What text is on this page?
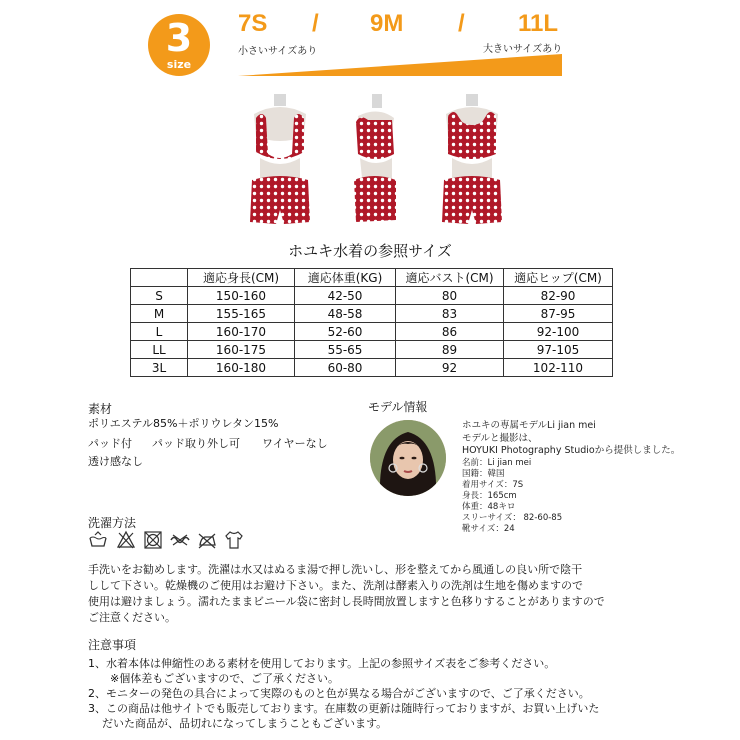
3
size
7S / 9M / 11L
小さいサイズあり	大きいサイズあり
ホユキ水着の参照サイズ
	適応身長(CM)	適応体重(KG)	適応バスト(CM)	適応ヒップ(CM)
S	150-160	42-50	80	82-90
M	155-165	48-58	83	87-95
L	160-170	52-60	86	92-100
LL	160-175	55-65	89	97-105
3L	160-180	60-80	92	102-110
素材
ポリエステル85%＋ポリウレタン15%
パッド付 パッド取り外し可 ワイヤーなし
透け感なし
モデル情報
ホユキの専属モデルLi jian mei
モデルと撮影は、
HOYUKI Photography Studioから提供しました。
名前：Li jian mei
国籍：韓国
着用サイズ：7S
身長：165cm
体重：48キロ
スリーサイズ： 82-60-85
靴サイズ：24
洗濯方法
手洗いをお勧めします。洗濯は水又はぬるま湯で押し洗いし、形を整えてから風通しの良い所で陰干
しして下さい。乾燥機のご使用はお避け下さい。また、洗剤は酵素入りの洗剤は生地を傷めますので
使用は避けましょう。濡れたままビニール袋に密封し長時間放置しますと色移りすることがありますので
ご注意ください。
注意事項
1、水着本体は伸縮性のある素材を使用しております。上記の参照サイズ表をご参考ください。
※個体差もございますので、ご了承ください。
2、モニターの発色の具合によって実際のものと色が異なる場合がございますので、ご了承ください。
3、この商品は他サイトでも販売しております。在庫数の更新は随時行っておりますが、お買い上げいた
だいた商品が、品切れになってしまうこともございます。
